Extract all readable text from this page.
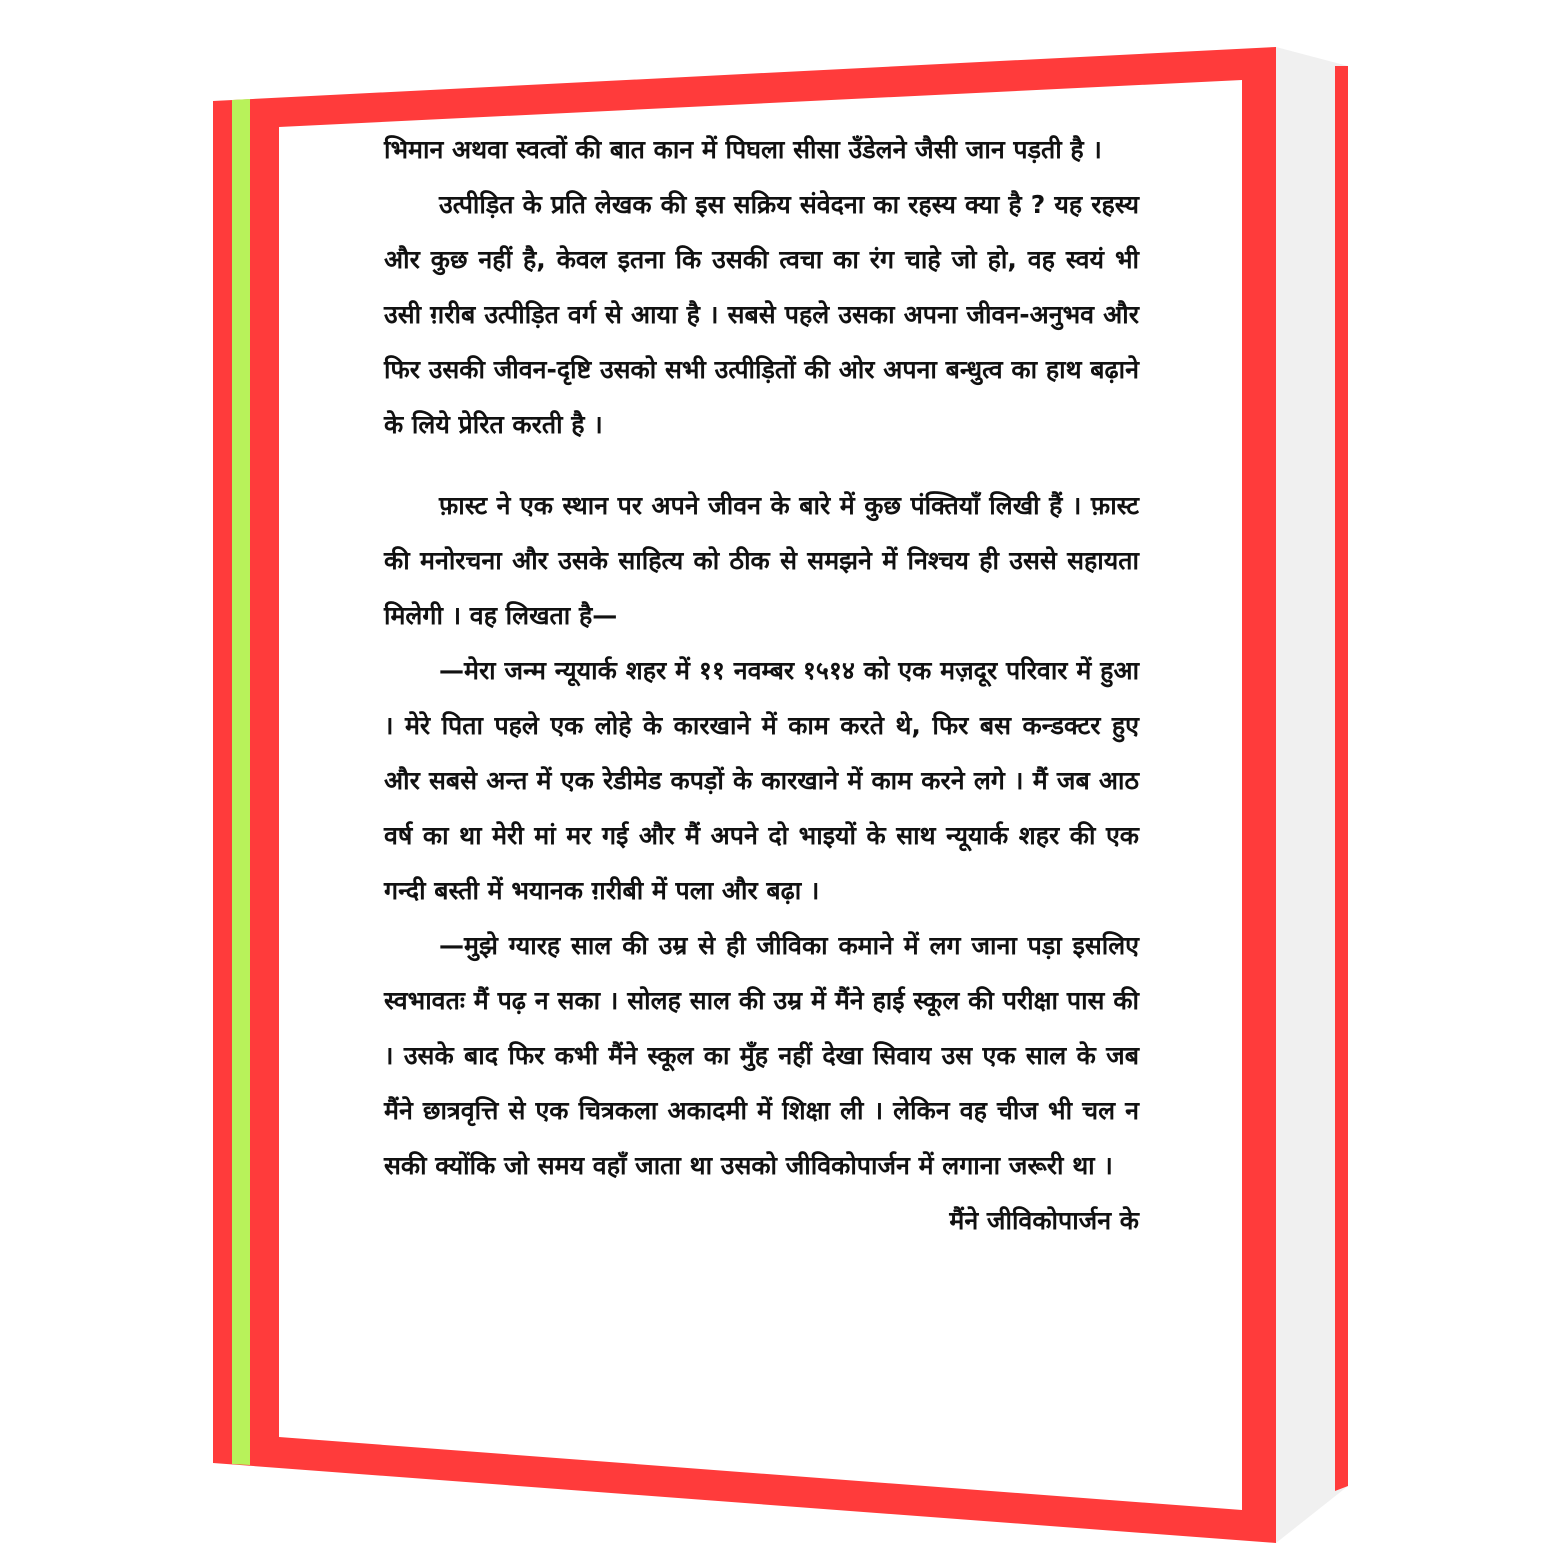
भिमान अथवा स्वत्वों की बात कान में पिघला सीसा उँडेलने जैसी जान पड़ती है ।

उत्पीड़ित के प्रति लेखक की इस सक्रिय संवेदना का रहस्य क्या है ? यह रहस्य और कुछ नहीं है, केवल इतना कि उसकी त्वचा का रंग चाहे जो हो, वह स्वयं भी उसी ग़रीब उत्पीड़ित वर्ग से आया है । सबसे पहले उसका अपना जीवन-अनुभव और फिर उसकी जीवन-दृष्टि उसको सभी उत्पीड़ितों की ओर अपना बन्धुत्व का हाथ बढ़ाने के लिये प्रेरित करती है ।

फ़ास्ट ने एक स्थान पर अपने जीवन के बारे में कुछ पंक्तियाँ लिखी हैं । फ़ास्ट की मनोरचना और उसके साहित्य को ठीक से समझने में निश्चय ही उससे सहायता मिलेगी । वह लिखता है—

—मेरा जन्म न्यूयार्क शहर में ११ नवम्बर १५१४ को एक मज़दूर परिवार में हुआ । मेरे पिता पहले एक लोहे के कारखाने में काम करते थे, फिर बस कन्डक्टर हुए और सबसे अन्त में एक रेडीमेड कपड़ों के कारखाने में काम करने लगे । मैं जब आठ वर्ष का था मेरी मां मर गई और मैं अपने दो भाइयों के साथ न्यूयार्क शहर की एक गन्दी बस्ती में भयानक ग़रीबी में पला और बढ़ा ।

—मुझे ग्यारह साल की उम्र से ही जीविका कमाने में लग जाना पड़ा इसलिए स्वभावतः मैं पढ़ न सका । सोलह साल की उम्र में मैंने हाई स्कूल की परीक्षा पास की । उसके बाद फिर कभी मैंने स्कूल का मुँह नहीं देखा सिवाय उस एक साल के जब मैंने छात्रवृत्ति से एक चित्रकला अकादमी में शिक्षा ली । लेकिन वह चीज भी चल न सकी क्योंकि जो समय वहाँ जाता था उसको जीविकोपार्जन में लगाना जरूरी था ।

मैंने जीविकोपार्जन के
